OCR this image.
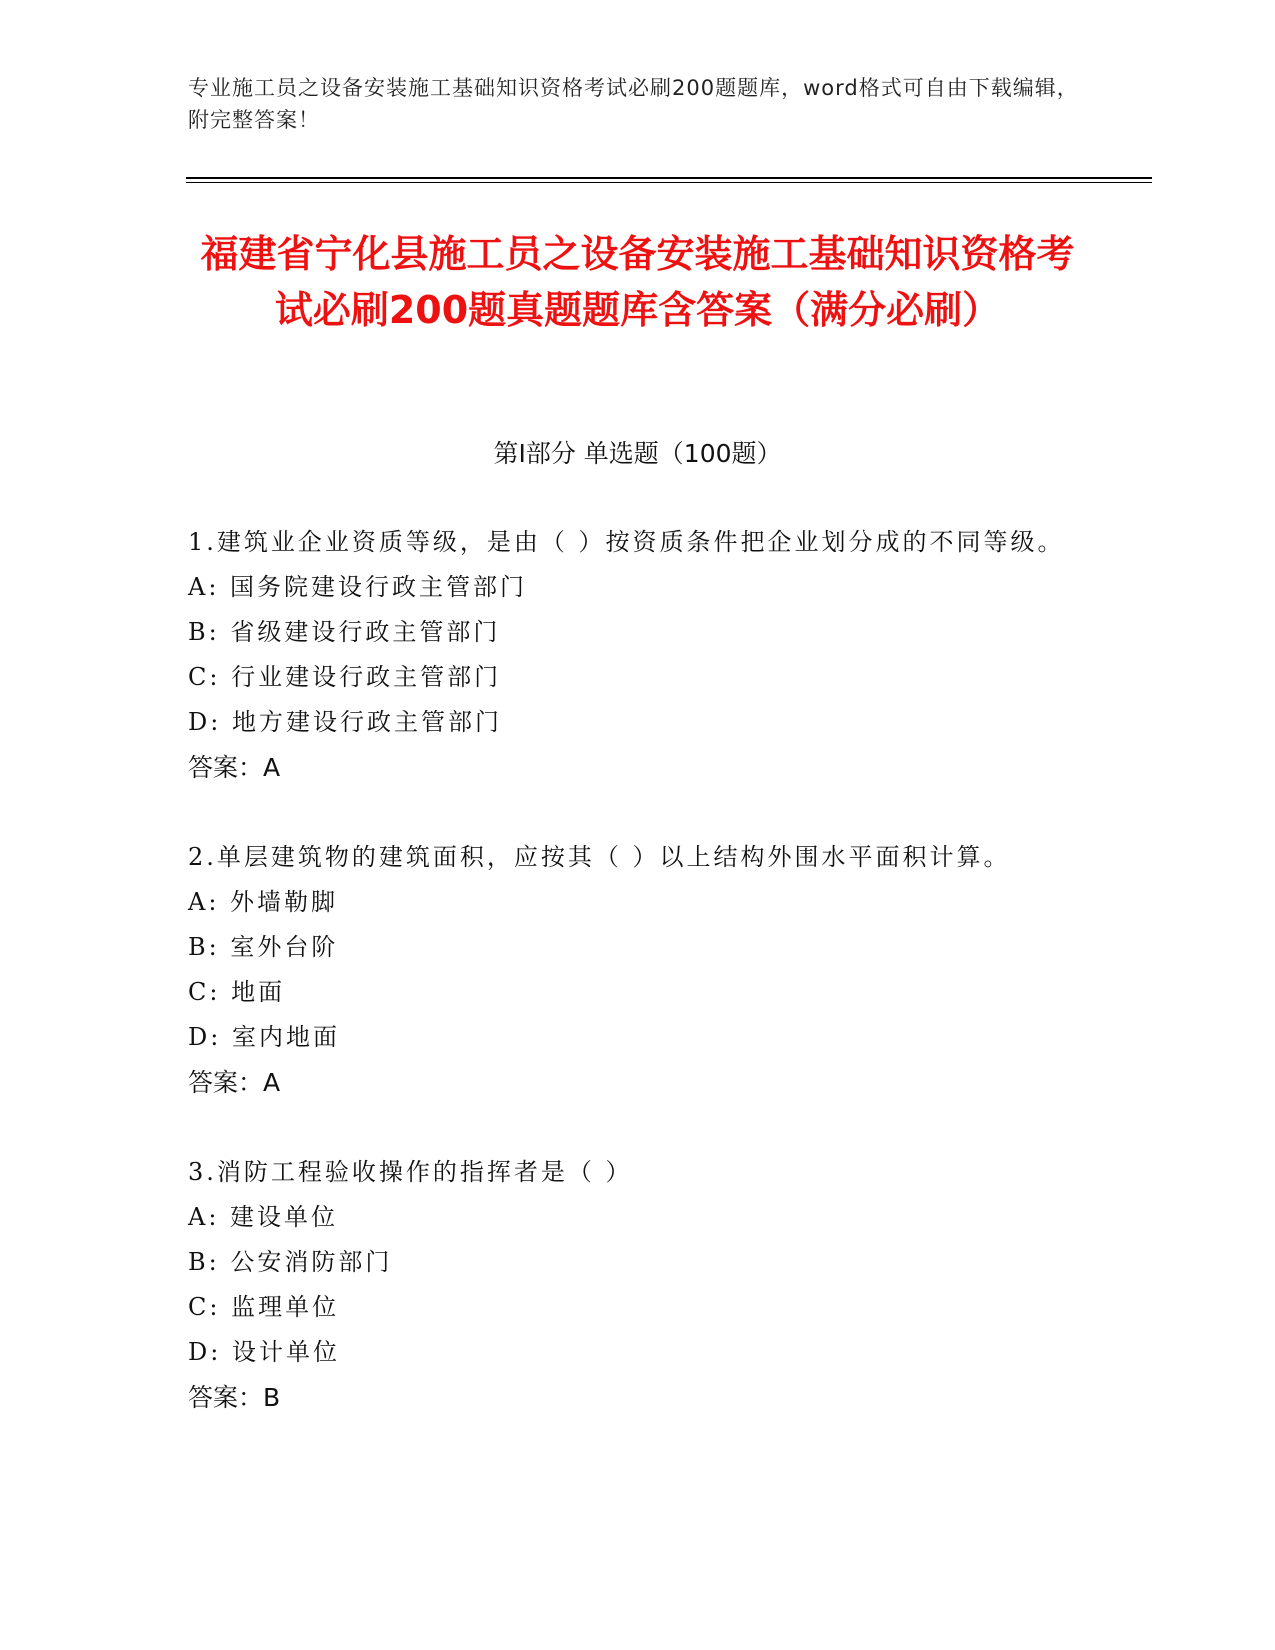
专业施工员之设备安装施工基础知识资格考试必刷200题题库，word格式可自由下载编辑，附完整答案！
福建省宁化县施工员之设备安装施工基础知识资格考试必刷200题真题题库含答案（满分必刷）
第I部分 单选题（100题）
1.建筑业企业资质等级，是由（ ）按资质条件把企业划分成的不同等级。
A: 国务院建设行政主管部门
B: 省级建设行政主管部门
C: 行业建设行政主管部门
D: 地方建设行政主管部门
答案：A
2.单层建筑物的建筑面积，应按其（ ）以上结构外围水平面积计算。
A: 外墙勒脚
B: 室外台阶
C: 地面
D: 室内地面
答案：A
3.消防工程验收操作的指挥者是（ ）
A: 建设单位
B: 公安消防部门
C: 监理单位
D: 设计单位
答案：B
